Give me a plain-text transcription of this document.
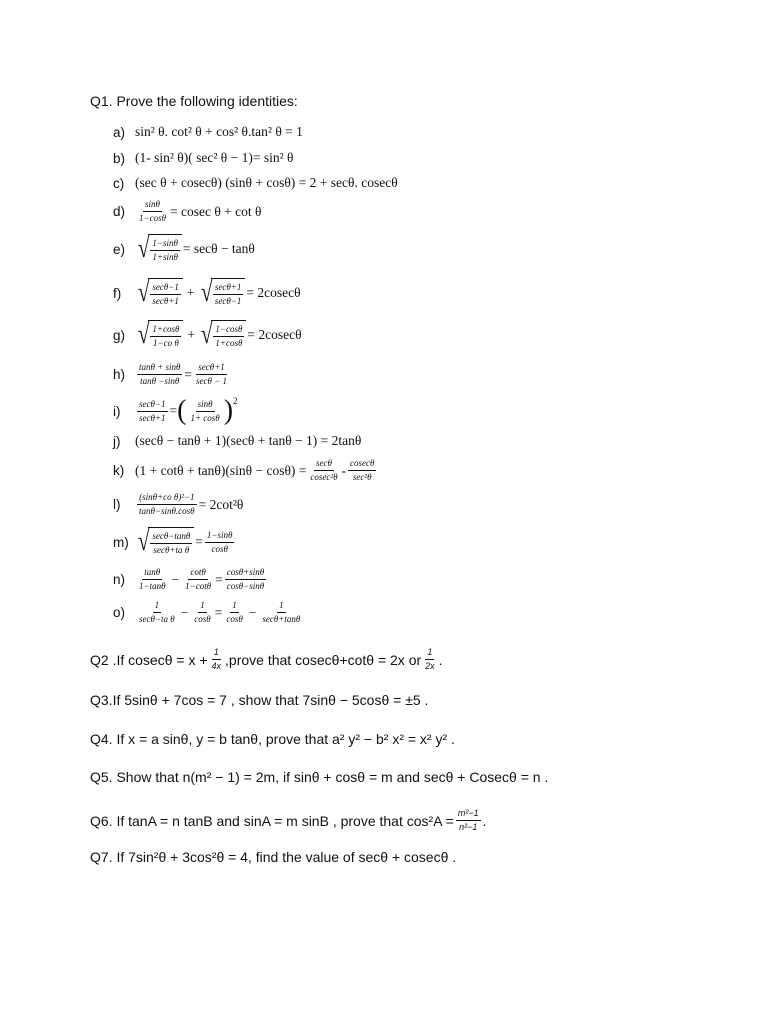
Q1. Prove the following identities:
a) sin² θ. cot² θ + cos² θ.tan² θ = 1
b) (1- sin² θ)( sec² θ − 1)= sin² θ
c) (sec θ + cosecθ) (sinθ + cosθ) = 2 + secθ. cosecθ
d)	$\frac{\sin\theta}{1-\cos\theta} = cosec$ θ + cot θ
e) √ $\frac{1-\sin\theta}{1+\sin\theta} = \sec\theta - \tan\theta$
f) √ $\frac{\sec\theta-1}{\sec\theta+1}$ + √ $\frac{\sec\theta+1}{\sec\theta-1} = 2cosec\theta$
g) √ $\frac{1+\cos\theta}{\text{1−co θ}}$ + √ $\frac{1-\cos\theta}{1+\cos\theta} = 2cosec\theta$
h)	$\frac{\tan\theta + \sin\theta}{\tan\theta -\sin\theta} = \frac{\sec\theta+1}{\sec\theta - 1}$
i)	$\frac{\sec\theta-1}{\sec\theta+1}$ = ( $\frac{\sin\theta}{1+ \cos\theta}$ ) 2
j)	(secθ − tanθ + 1)(secθ + tanθ − 1) = 2tanθ
k) $(1 + \cot\theta + \tan\theta)(\sin\theta - \cos\theta) = \frac{\sec\theta}{\text{cosec²θ}} - \frac{cosec\theta}{\text{sec²θ}}$
l)	$\frac{\text{(sinθ+co θ)²−1}}{\tan\theta-\sin\theta.\cos\theta} = 2\cot^2\theta$
m) √ $\frac{\sec\theta-\tan\theta}{\text{secθ+ta θ}} = \frac{1-\sin\theta}{\cos\theta}$
n)	$\frac{\tan\theta}{1-\tan\theta} - \frac{\cot\theta}{1-\cot\theta} = \frac{\cos\theta+\sin\theta}{\cos\theta-\sin\theta}$
o)	$\frac{1}{\text{secθ−ta θ}} - \frac{1}{\cos\theta} = \frac{1}{\cos\theta} - \frac{1}{\sec\theta+\tan\theta}$
Q2 .If $cosec\theta = x + \frac{1}{4x}$ ,prove that cosecθ+cotθ = 2x or $\frac{1}{2x}$ .
Q3.If 5sinθ + 7cos = 7 , show that 7sinθ − 5cosθ = ±5 .
Q4. If x = a sinθ, y = b tanθ, prove that a² y² − b² x² = x² y² .
Q5. Show that n(m² − 1) = 2m, if sinθ + cosθ = m and secθ + Cosecθ = n .
Q6. If tanA = n tanB and sinA = m sinB , prove that $\cos^2A = \frac{\text{m²−1}}{\text{n²−1}}$ .
Q7. If 7sin²θ + 3cos²θ = 4, find the value of secθ + cosecθ .
